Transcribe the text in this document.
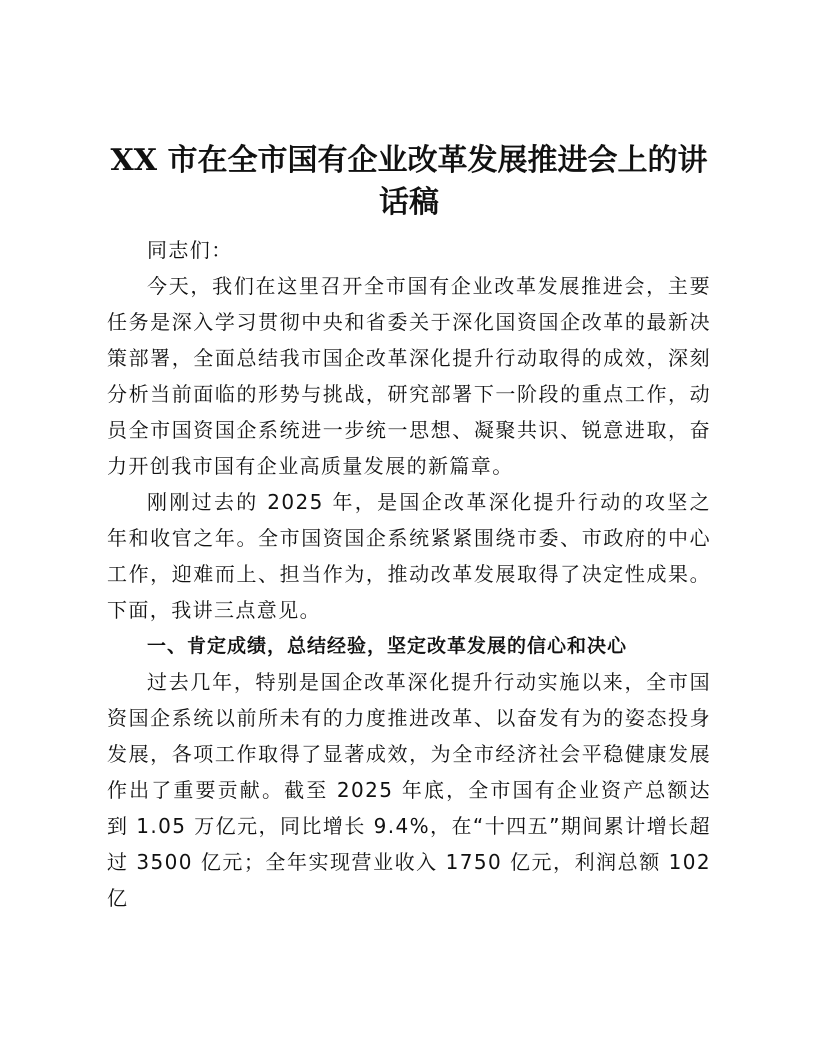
XX 市在全市国有企业改革发展推进会上的讲话稿

同志们：

今天，我们在这里召开全市国有企业改革发展推进会，主要任务是深入学习贯彻中央和省委关于深化国资国企改革的最新决策部署，全面总结我市国企改革深化提升行动取得的成效，深刻分析当前面临的形势与挑战，研究部署下一阶段的重点工作，动员全市国资国企系统进一步统一思想、凝聚共识、锐意进取，奋力开创我市国有企业高质量发展的新篇章。

刚刚过去的 2025 年，是国企改革深化提升行动的攻坚之年和收官之年。全市国资国企系统紧紧围绕市委、市政府的中心工作，迎难而上、担当作为，推动改革发展取得了决定性成果。下面，我讲三点意见。

一、肯定成绩，总结经验，坚定改革发展的信心和决心

过去几年，特别是国企改革深化提升行动实施以来，全市国资国企系统以前所未有的力度推进改革、以奋发有为的姿态投身发展，各项工作取得了显著成效，为全市经济社会平稳健康发展作出了重要贡献。截至 2025 年底，全市国有企业资产总额达到 1.05 万亿元，同比增长 9.4%，在“十四五”期间累计增长超过 3500 亿元；全年实现营业收入 1750 亿元，利润总额 102 亿
